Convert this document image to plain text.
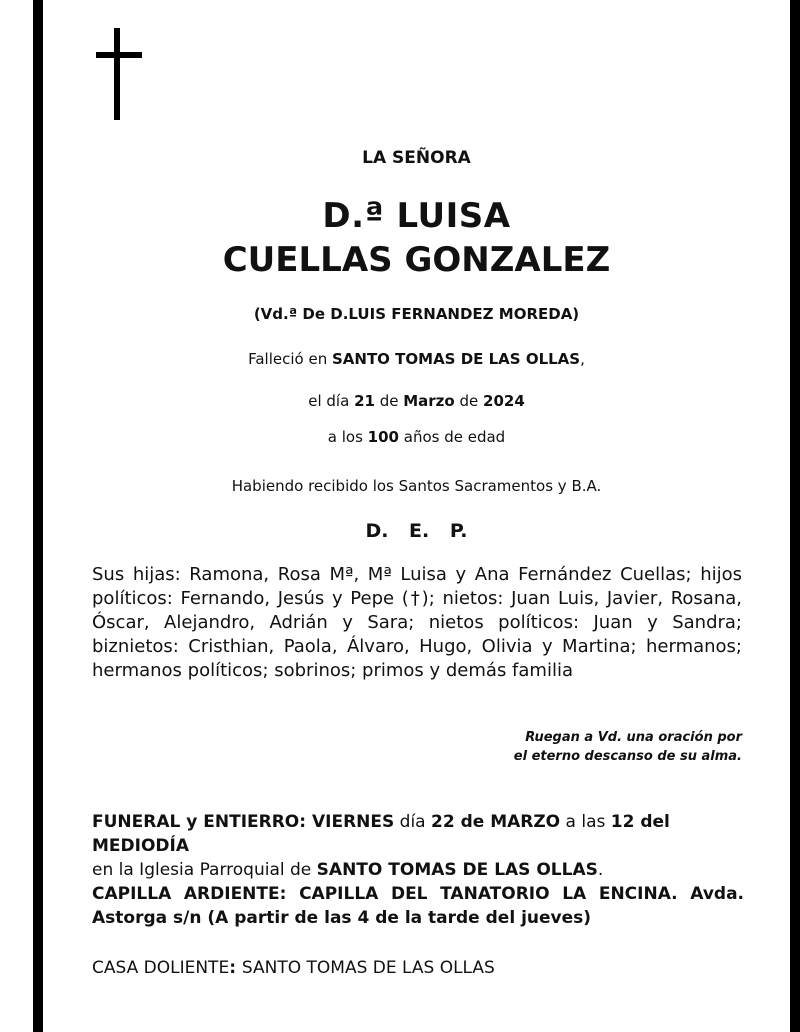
LA SEÑORA
D.ª LUISA
CUELLAS GONZALEZ
(Vd.ª De D.LUIS FERNANDEZ MOREDA)
Falleció en SANTO TOMAS DE LAS OLLAS,
el día 21 de Marzo de 2024
a los 100 años de edad
Habiendo recibido los Santos Sacramentos y B.A.
D. E. P.
Sus hijas: Ramona, Rosa Mª, Mª Luisa y Ana Fernández Cuellas; hijos políticos: Fernando, Jesús y Pepe (†); nietos: Juan Luis, Javier, Rosana, Óscar, Alejandro, Adrián y Sara; nietos políticos: Juan y Sandra; biznietos: Cristhian, Paola, Álvaro, Hugo, Olivia y Martina; hermanos; hermanos políticos; sobrinos; primos y demás familia
Ruegan a Vd. una oración por
el eterno descanso de su alma.
FUNERAL y ENTIERRO: VIERNES día 22 de MARZO a las 12 del MEDIODÍA
en la Iglesia Parroquial de SANTO TOMAS DE LAS OLLAS.
CAPILLA ARDIENTE: CAPILLA DEL TANATORIO LA ENCINA. Avda. Astorga s/n (A partir de las 4 de la tarde del jueves)
CASA DOLIENTE: SANTO TOMAS DE LAS OLLAS
